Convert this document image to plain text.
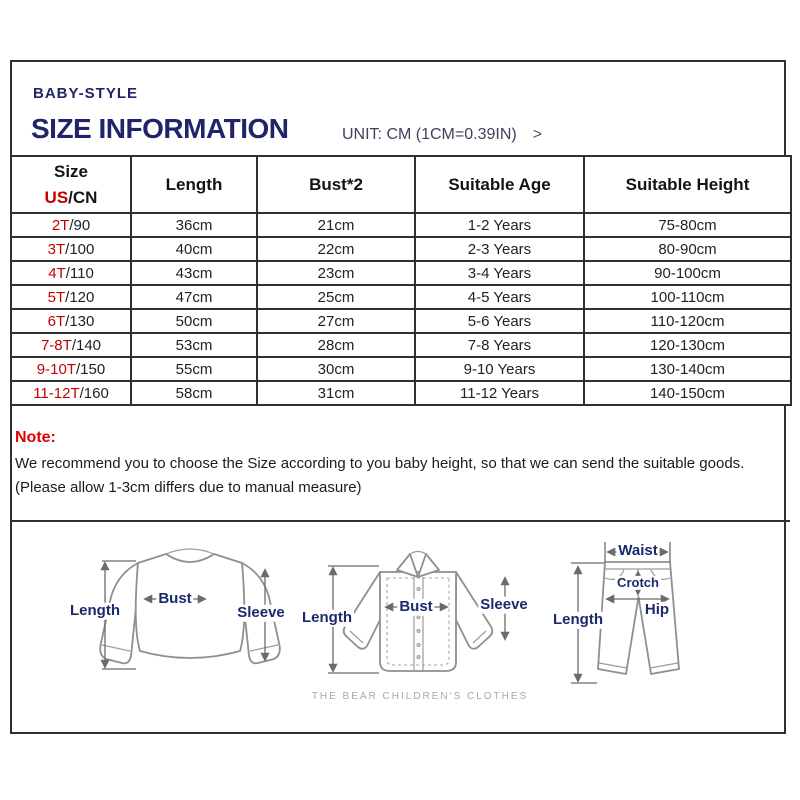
BABY-STYLE
SIZE INFORMATION	UNIT: CM (1CM=0.39IN) >
Size
US/CN	Length	Bust*2	Suitable Age	Suitable Height
2T/90	36cm	21cm	1-2 Years	75-80cm
3T/100	40cm	22cm	2-3 Years	80-90cm
4T/110	43cm	23cm	3-4 Years	90-100cm
5T/120	47cm	25cm	4-5 Years	100-110cm
6T/130	50cm	27cm	5-6 Years	110-120cm
7-8T/140	53cm	28cm	7-8 Years	120-130cm
9-10T/150	55cm	30cm	9-10 Years	130-140cm
11-12T/160	58cm	31cm	11-12 Years	140-150cm
Note:
We recommend you to choose the Size according to you baby height, so that we can send the suitable goods.
(Please allow 1-3cm differs due to manual measure)
Length
Bust
Sleeve Length
Bust	Sleeve
THE BEAR CHILDREN'S CLOTHES
Waist
Crotch
Hip
Length
